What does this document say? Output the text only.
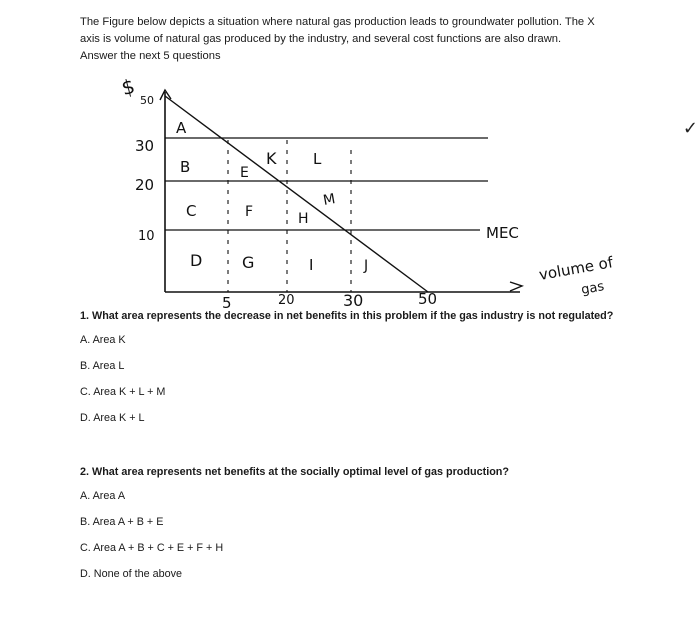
The Figure below depicts a situation where natural gas production leads to groundwater pollution. The X
axis is volume of natural gas produced by the industry, and several cost functions are also drawn.
Answer the next 5 questions
$
50
30
20
10
5	20	30	50
MEC
volume of
gas
A
B
C
D
E
F
G
H
I	J
K L
M
✓
1. What area represents the decrease in net benefits in this problem if the gas industry is not regulated?
A. Area K
B. Area L
C. Area K + L + M
D. Area K + L
2. What area represents net benefits at the socially optimal level of gas production?
A. Area A
B. Area A + B + E
C. Area A + B + C + E + F + H
D. None of the above
